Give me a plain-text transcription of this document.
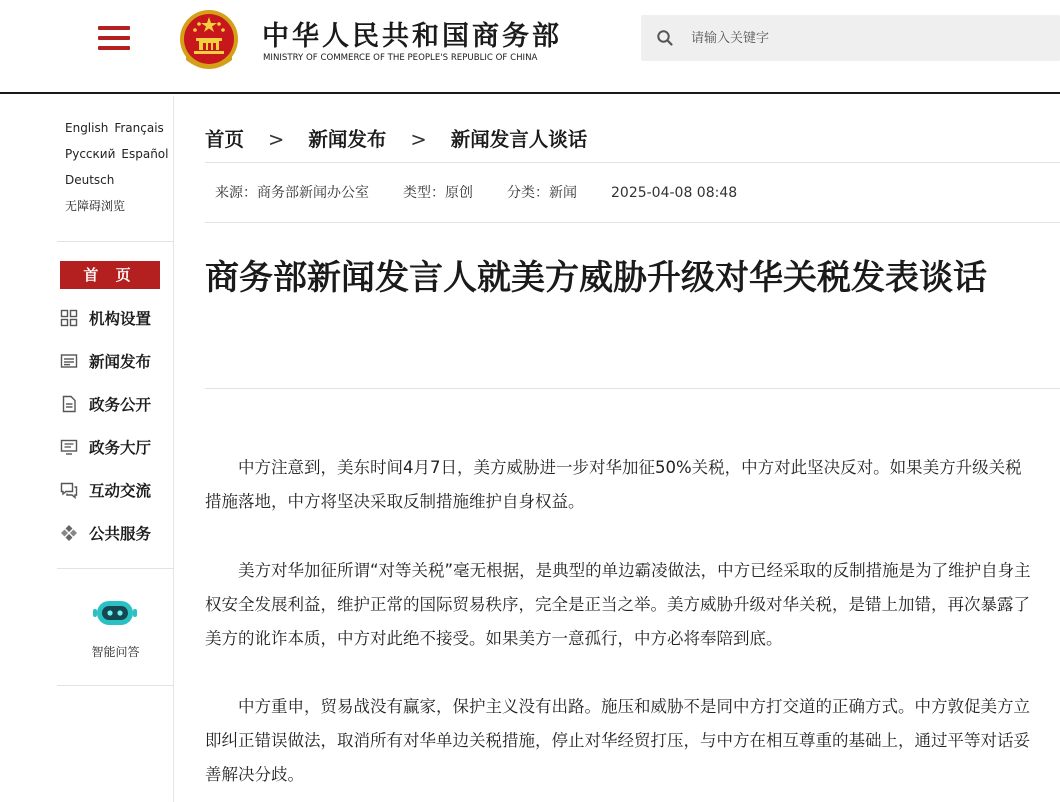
中华人民共和国商务部
MINISTRY OF COMMERCE OF THE PEOPLE'S REPUBLIC OF CHINA
请输入关键字
English Français
Русский Español
Deutsch
无障碍浏览
首 页
机构设置
新闻发布
政务公开
政务大厅
互动交流
公共服务
智能问答
首页 > 新闻发布 > 新闻发言人谈话
来源：商务部新闻办公室 类型：原创 分类：新闻 2025-04-08 08:48
商务部新闻发言人就美方威胁升级对华关税发表谈话

中方注意到，美东时间4月7日，美方威胁进一步对华加征50%关税，中方对此坚决反对。如果美方升级关税措施落地，中方将坚决采取反制措施维护自身权益。

美方对华加征所谓“对等关税”毫无根据，是典型的单边霸凌做法，中方已经采取的反制措施是为了维护自身主权安全发展利益，维护正常的国际贸易秩序，完全是正当之举。美方威胁升级对华关税，是错上加错，再次暴露了美方的讹诈本质，中方对此绝不接受。如果美方一意孤行，中方必将奉陪到底。

中方重申，贸易战没有赢家，保护主义没有出路。施压和威胁不是同中方打交道的正确方式。中方敦促美方立即纠正错误做法，取消所有对华单边关税措施，停止对华经贸打压，与中方在相互尊重的基础上，通过平等对话妥善解决分歧。
